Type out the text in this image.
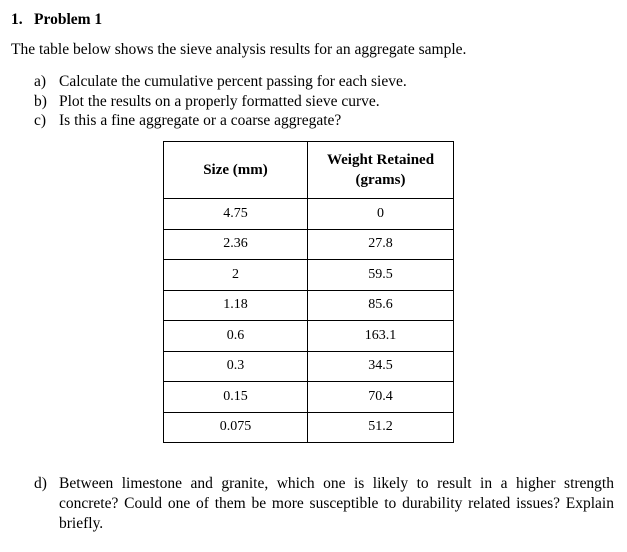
1. Problem 1
The table below shows the sieve analysis results for an aggregate sample.
a) Calculate the cumulative percent passing for each sieve.
b) Plot the results on a properly formatted sieve curve.
c) Is this a fine aggregate or a coarse aggregate?
Size (mm)	Weight Retained
(grams)
4.75	0
2.36	27.8
2	59.5
1.18	85.6
0.6	163.1
0.3	34.5
0.15	70.4
0.075	51.2
d) Between limestone and granite, which one is likely to result in a higher strength concrete? Could one of them be more susceptible to durability related issues? Explain briefly.
